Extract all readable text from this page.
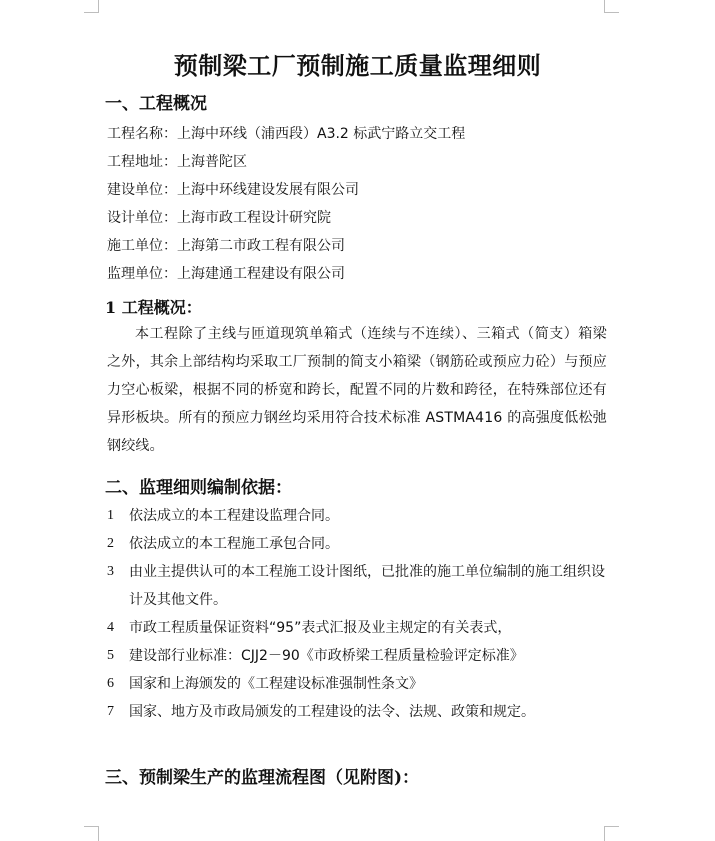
预制梁工厂预制施工质量监理细则
一、工程概况
工程名称：上海中环线（浦西段）A3.2 标武宁路立交工程
工程地址：上海普陀区
建设单位：上海中环线建设发展有限公司
设计单位：上海市政工程设计研究院
施工单位：上海第二市政工程有限公司
监理单位：上海建通工程建设有限公司
1 工程概况：
本工程除了主线与匝道现筑单箱式（连续与不连续）、三箱式（简支）箱梁之外，其余上部结构均采取工厂预制的简支小箱梁（钢筋砼或预应力砼）与预应力空心板梁，根据不同的桥宽和跨长，配置不同的片数和跨径，在特殊部位还有异形板块。所有的预应力钢丝均采用符合技术标准 ASTMA416 的高强度低松弛钢绞线。
二、监理细则编制依据：
1	依法成立的本工程建设监理合同。
2	依法成立的本工程施工承包合同。
3	由业主提供认可的本工程施工设计图纸，已批准的施工单位编制的施工组织设计及其他文件。
4	市政工程质量保证资料“95”表式汇报及业主规定的有关表式，
5	建设部行业标准：CJJ2－90《市政桥梁工程质量检验评定标准》
6	国家和上海颁发的《工程建设标准强制性条文》
7	国家、地方及市政局颁发的工程建设的法令、法规、政策和规定。
三、预制梁生产的监理流程图（见附图)：
